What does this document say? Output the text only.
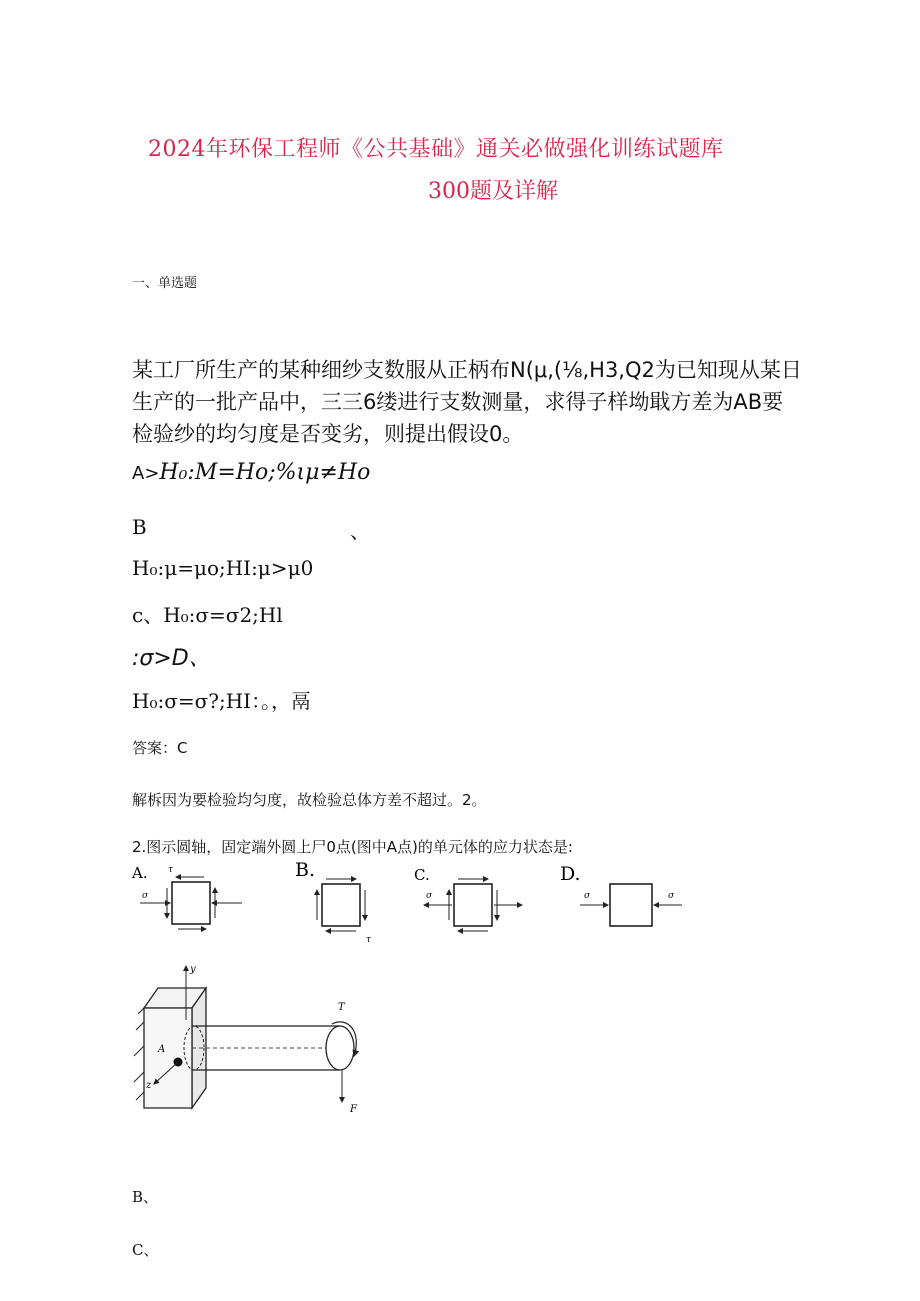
2024年环保工程师《公共基础》通关必做强化训练试题库
300题及详解
一、单选题
某工厂所生产的某种细纱支数服从正柄布N(μ,(⅛,H3,Q2为已知现从某日
生产的一批产品中，三三6缕进行支数测量，求得子样坳戢方差为AB要
检验纱的均匀度是否变劣，则提出假设0。
A>H₀:M=Ho;%ιμ≠Ho
B	、
H₀:μ=μo;HI:μ>μ0
c、H₀:σ=σ2;Hl
:σ>D、
H₀:σ=σ?;HI：。，鬲
答案：C
解柝因为要检验均匀度，故检验总体方差不超过。2。
2.图示圆轴，固定端外圆上尸0点(图中A点)的单元体的应力状态是:
A.
σ
τ	B.
τ
C.
σ
D.
σ	σ
y
T
F
A
z
B、
C、
